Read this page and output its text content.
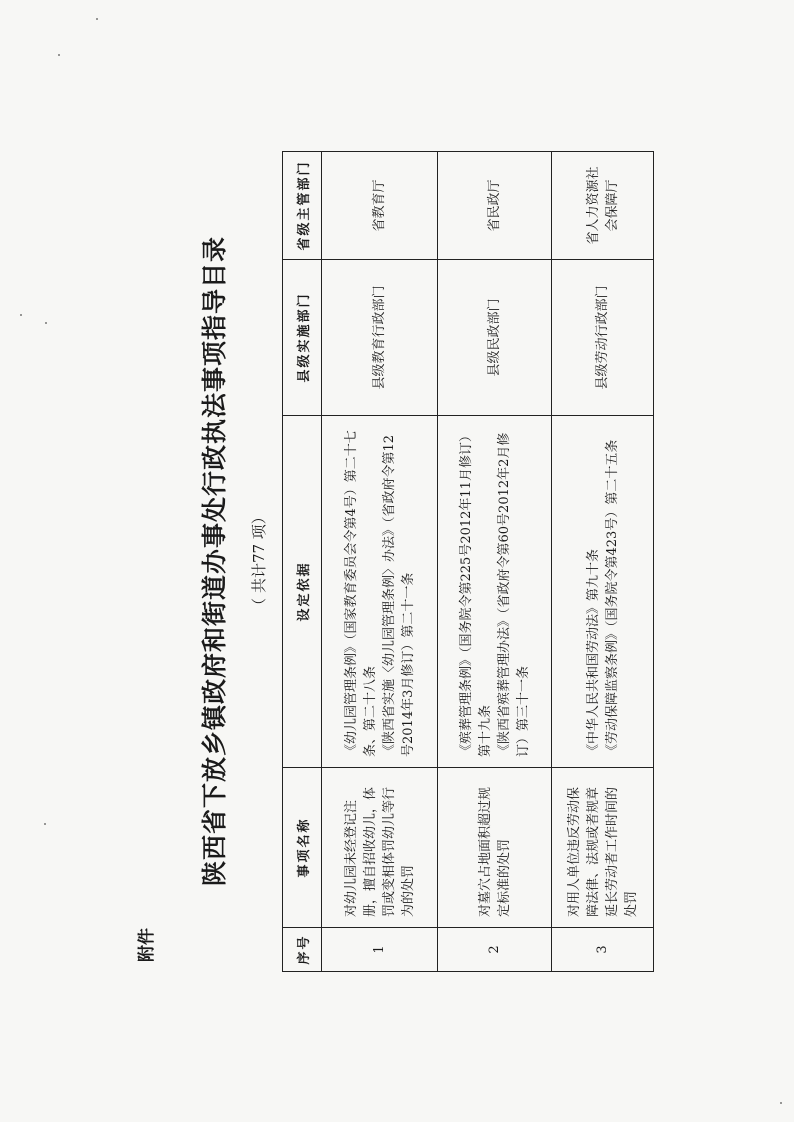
附件
陕西省下放乡镇政府和街道办事处行政执法事项指导目录 （ 共计77 项）
序号	事项名称	设定依据	县级实施部门	省级主管部门
1	对幼儿园未经登记注册，擅自招收幼儿，体罚或变相体罚幼儿等行为的处罚	《幼儿园管理条例》（国家教育委员会令第4号）第二十七条、第二十八条 《陕西省实施〈幼儿园管理条例〉办法》（省政府令第12号2014年3月修订）第二十一条	县级教育行政部门	省教育厅
2	对墓穴占地面积超过规定标准的处罚	《殡葬管理条例》（国务院令第225号2012年11月修订）第十九条 《陕西省殡葬管理办法》（省政府令第60号2012年2月修订）第三十一条	县级民政部门	省民政厅
3	对用人单位违反劳动保障法律、法规或者规章延长劳动者工作时间的处罚	《中华人民共和国劳动法》第九十条 《劳动保障监察条例》（国务院令第423号）第二十五条	县级劳动行政部门	省人力资源社会保障厅
